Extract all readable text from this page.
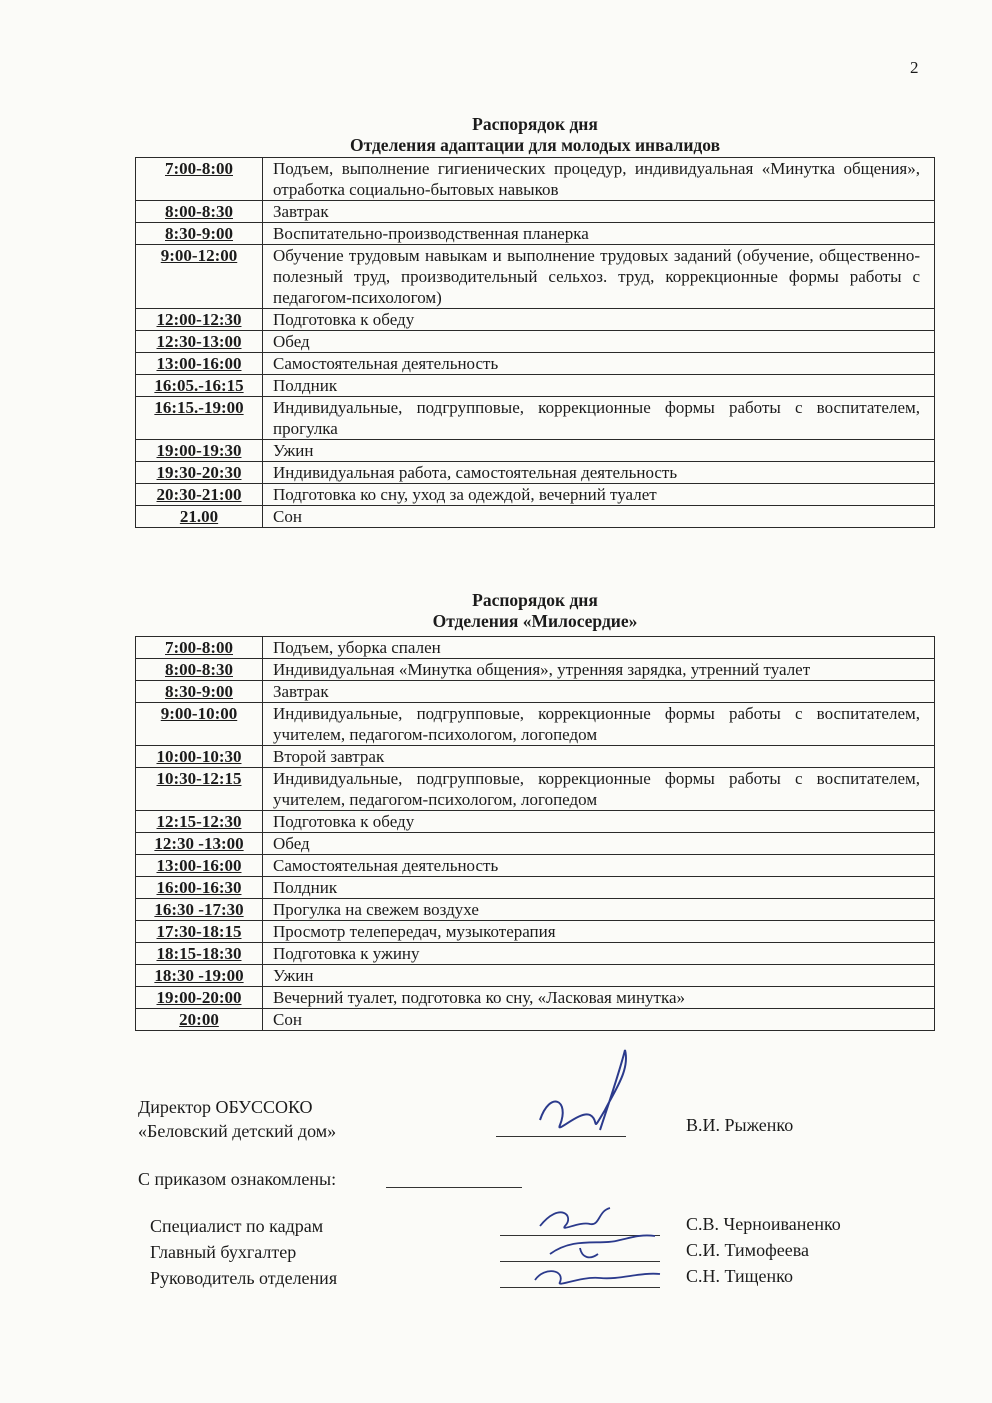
2
Распорядок дня
Отделения адаптации для молодых инвалидов
7:00-8:00	Подъем, выполнение гигиенических процедур, индивидуальная «Минутка общения», отработка социально-бытовых навыков
8:00-8:30	Завтрак
8:30-9:00	Воспитательно-производственная планерка
9:00-12:00	Обучение трудовым навыкам и выполнение трудовых заданий (обучение, общественно-полезный труд, производительный сельхоз. труд, коррекционные формы работы с педагогом-психологом)
12:00-12:30	Подготовка к обеду
12:30-13:00	Обед
13:00-16:00	Самостоятельная деятельность
16:05.-16:15	Полдник
16:15.-19:00	Индивидуальные, подгрупповые, коррекционные формы работы с воспитателем, прогулка
19:00-19:30	Ужин
19:30-20:30	Индивидуальная работа, самостоятельная деятельность
20:30-21:00	Подготовка ко сну, уход за одеждой, вечерний туалет
21.00	Сон
Распорядок дня
Отделения «Милосердие»
7:00-8:00	Подъем, уборка спален
8:00-8:30	Индивидуальная «Минутка общения», утренняя зарядка, утренний туалет
8:30-9:00	Завтрак
9:00-10:00	Индивидуальные, подгрупповые, коррекционные формы работы с воспитателем, учителем, педагогом-психологом, логопедом
10:00-10:30	Второй завтрак
10:30-12:15	Индивидуальные, подгрупповые, коррекционные формы работы с воспитателем, учителем, педагогом-психологом, логопедом
12:15-12:30	Подготовка к обеду
12:30 -13:00	Обед
13:00-16:00	Самостоятельная деятельность
16:00-16:30	Полдник
16:30 -17:30	Прогулка на свежем воздухе
17:30-18:15	Просмотр телепередач, музыкотерапия
18:15-18:30	Подготовка к ужину
18:30 -19:00	Ужин
19:00-20:00	Вечерний туалет, подготовка ко сну, «Ласковая минутка»
20:00	Сон
Директор ОБУССОКО
«Беловский детский дом»	В.И. Рыженко
С приказом ознакомлены:
Специалист по кадрам
Главный бухгалтер
Руководитель отделения
С.В. Черноиваненко
С.И. Тимофеева
С.Н. Тищенко
